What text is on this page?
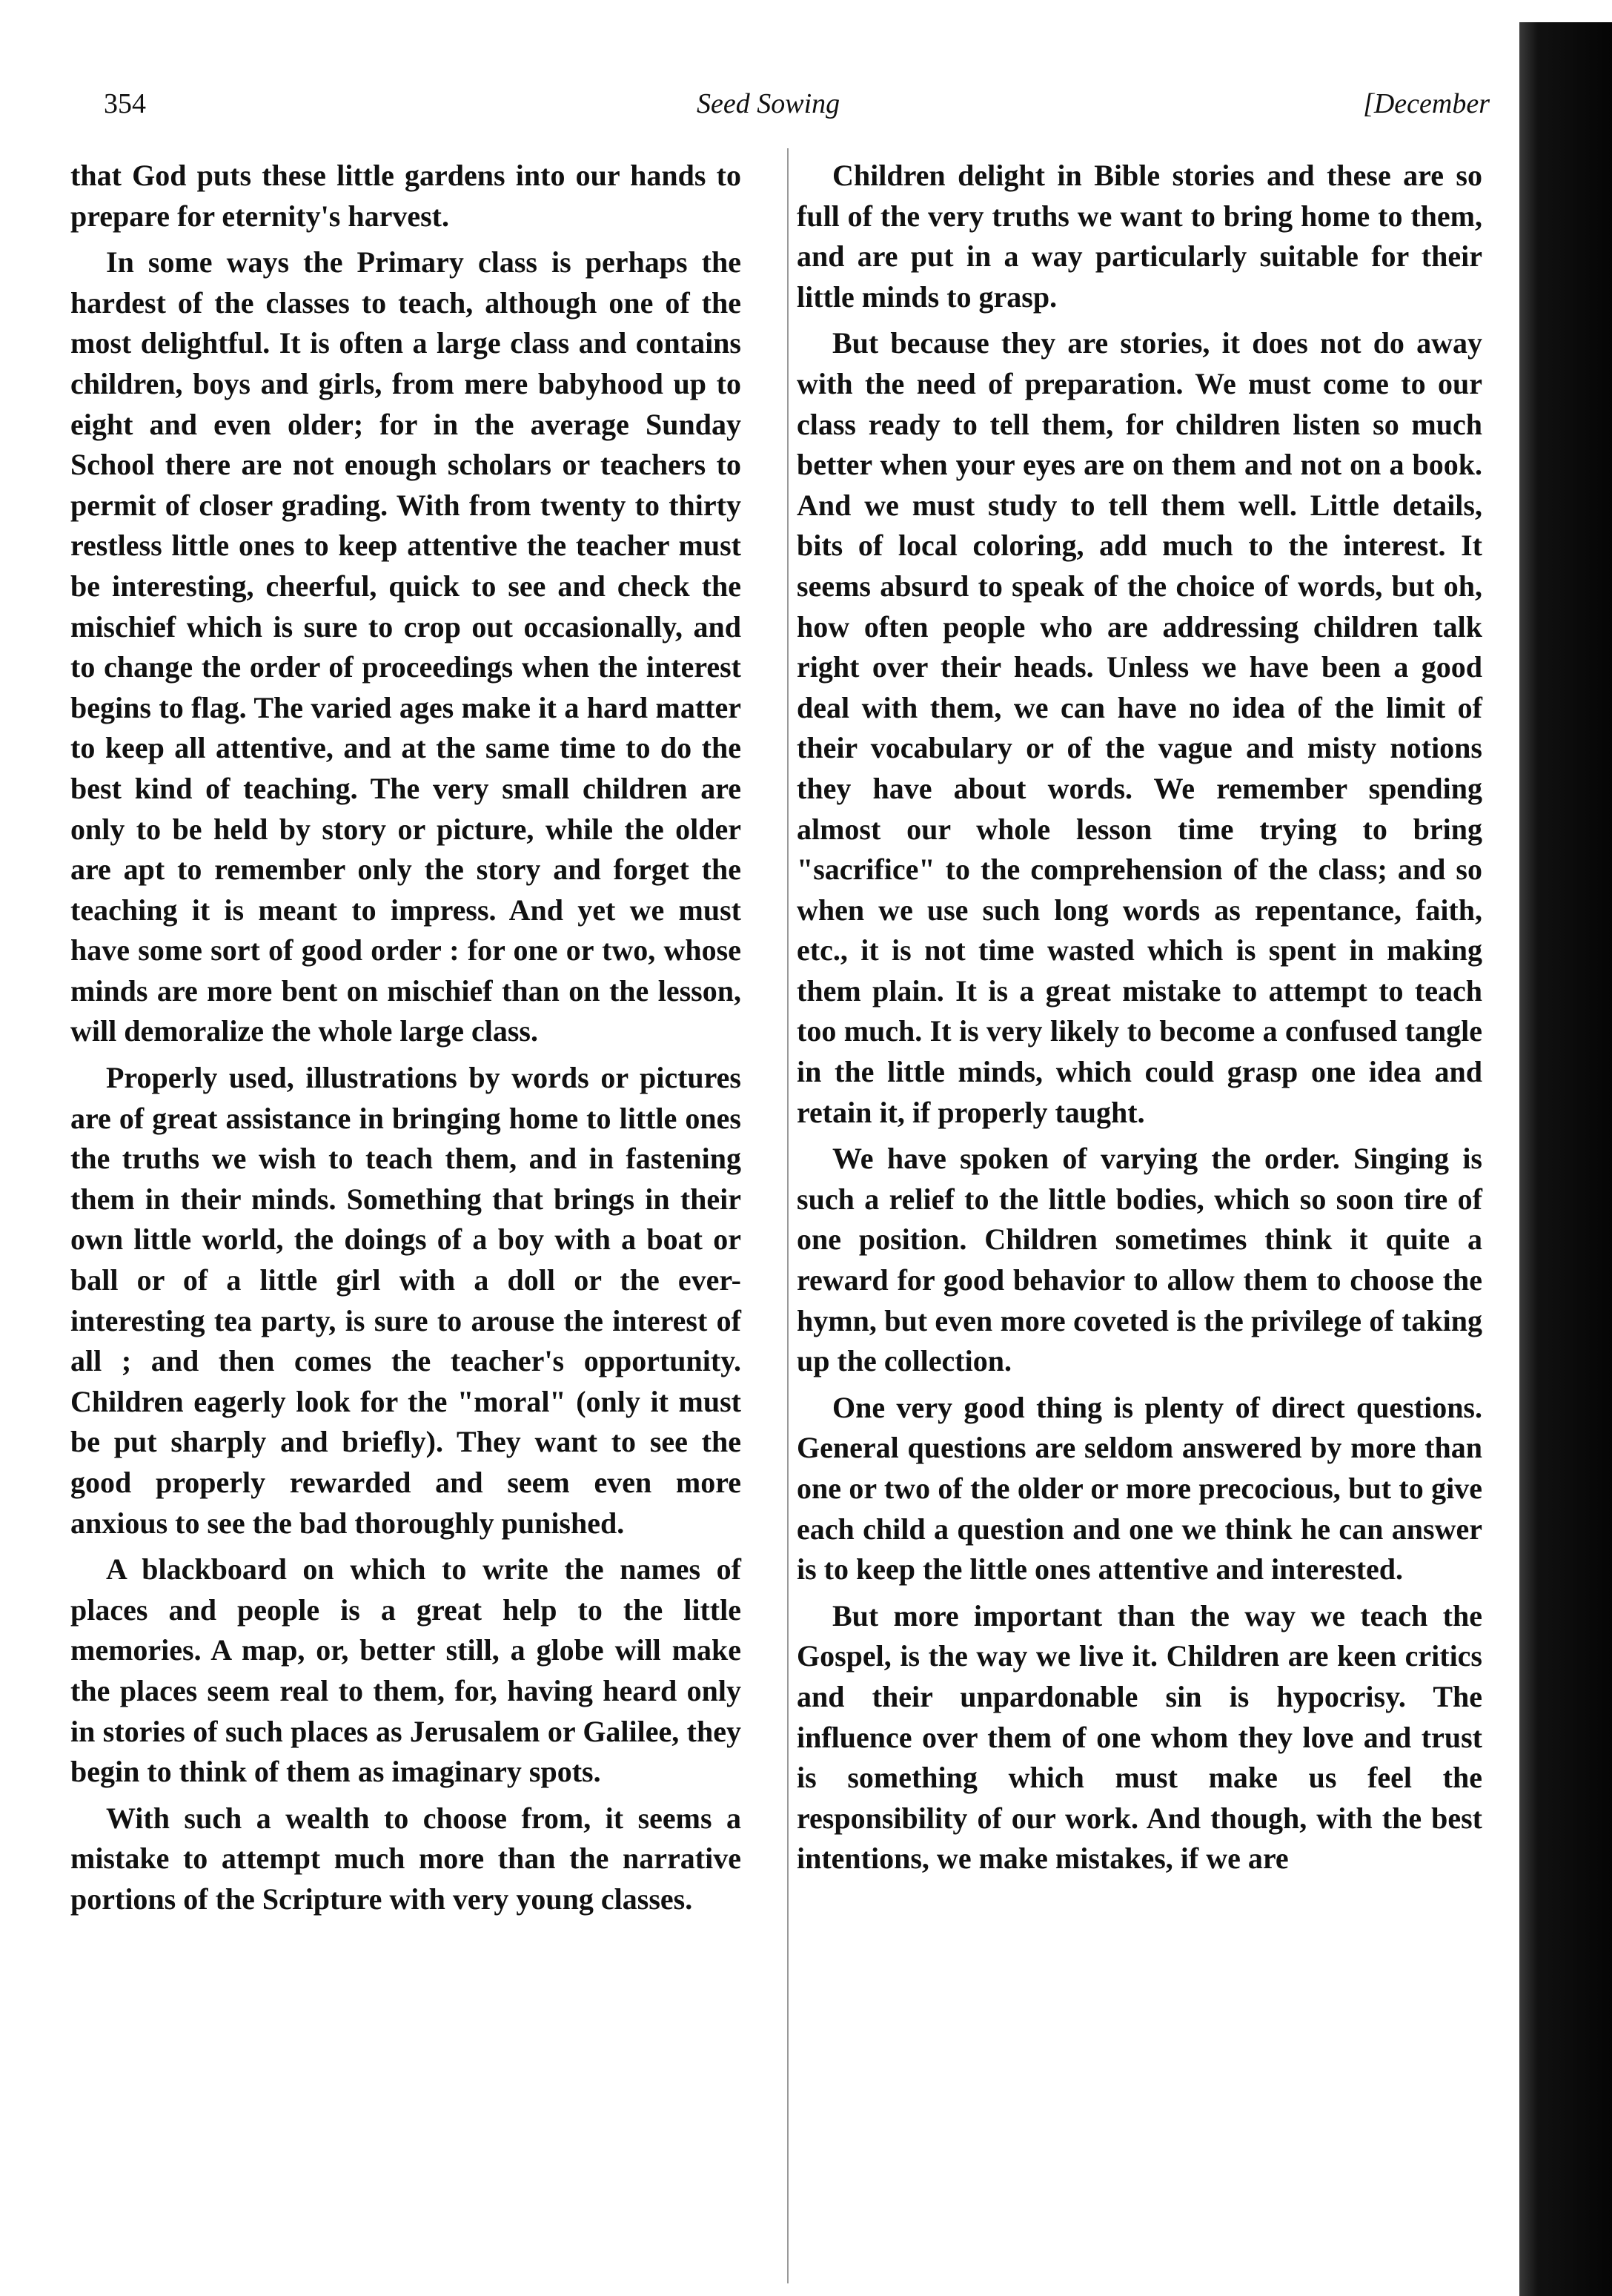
354	Seed Sowing	[December

that God puts these little gardens into our hands to prepare for eternity's harvest.

In some ways the Primary class is perhaps the hardest of the classes to teach, although one of the most delightful. It is often a large class and contains children, boys and girls, from mere babyhood up to eight and even older; for in the average Sunday School there are not enough scholars or teachers to permit of closer grading. With from twenty to thirty restless little ones to keep attentive the teacher must be interesting, cheerful, quick to see and check the mischief which is sure to crop out occasionally, and to change the order of proceedings when the interest begins to flag. The varied ages make it a hard matter to keep all attentive, and at the same time to do the best kind of teaching. The very small children are only to be held by story or picture, while the older are apt to remember only the story and forget the teaching it is meant to impress. And yet we must have some sort of good order : for one or two, whose minds are more bent on mischief than on the lesson, will demoralize the whole large class.

Properly used, illustrations by words or pictures are of great assistance in bringing home to little ones the truths we wish to teach them, and in fastening them in their minds. Something that brings in their own little world, the doings of a boy with a boat or ball or of a little girl with a doll or the ever-interesting tea party, is sure to arouse the interest of all ; and then comes the teacher's opportunity. Children eagerly look for the "moral" (only it must be put sharply and briefly). They want to see the good properly rewarded and seem even more anxious to see the bad thoroughly punished.

A blackboard on which to write the names of places and people is a great help to the little memories. A map, or, better still, a globe will make the places seem real to them, for, having heard only in stories of such places as Jerusalem or Galilee, they begin to think of them as imaginary spots.

With such a wealth to choose from, it seems a mistake to attempt much more than the narrative portions of the Scripture with very young classes.

Children delight in Bible stories and these are so full of the very truths we want to bring home to them, and are put in a way particularly suitable for their little minds to grasp.

But because they are stories, it does not do away with the need of preparation. We must come to our class ready to tell them, for children listen so much better when your eyes are on them and not on a book. And we must study to tell them well. Little details, bits of local coloring, add much to the interest. It seems absurd to speak of the choice of words, but oh, how often people who are addressing children talk right over their heads. Unless we have been a good deal with them, we can have no idea of the limit of their vocabulary or of the vague and misty notions they have about words. We remember spending almost our whole lesson time trying to bring "sacrifice" to the comprehension of the class; and so when we use such long words as repentance, faith, etc., it is not time wasted which is spent in making them plain. It is a great mistake to attempt to teach too much. It is very likely to become a confused tangle in the little minds, which could grasp one idea and retain it, if properly taught.

We have spoken of varying the order. Singing is such a relief to the little bodies, which so soon tire of one position. Children sometimes think it quite a reward for good behavior to allow them to choose the hymn, but even more coveted is the privilege of taking up the collection.

One very good thing is plenty of direct questions. General questions are seldom answered by more than one or two of the older or more precocious, but to give each child a question and one we think he can answer is to keep the little ones attentive and interested.

But more important than the way we teach the Gospel, is the way we live it. Children are keen critics and their unpardonable sin is hypocrisy. The influence over them of one whom they love and trust is something which must make us feel the responsibility of our work. And though, with the best intentions, we make mistakes, if we are
